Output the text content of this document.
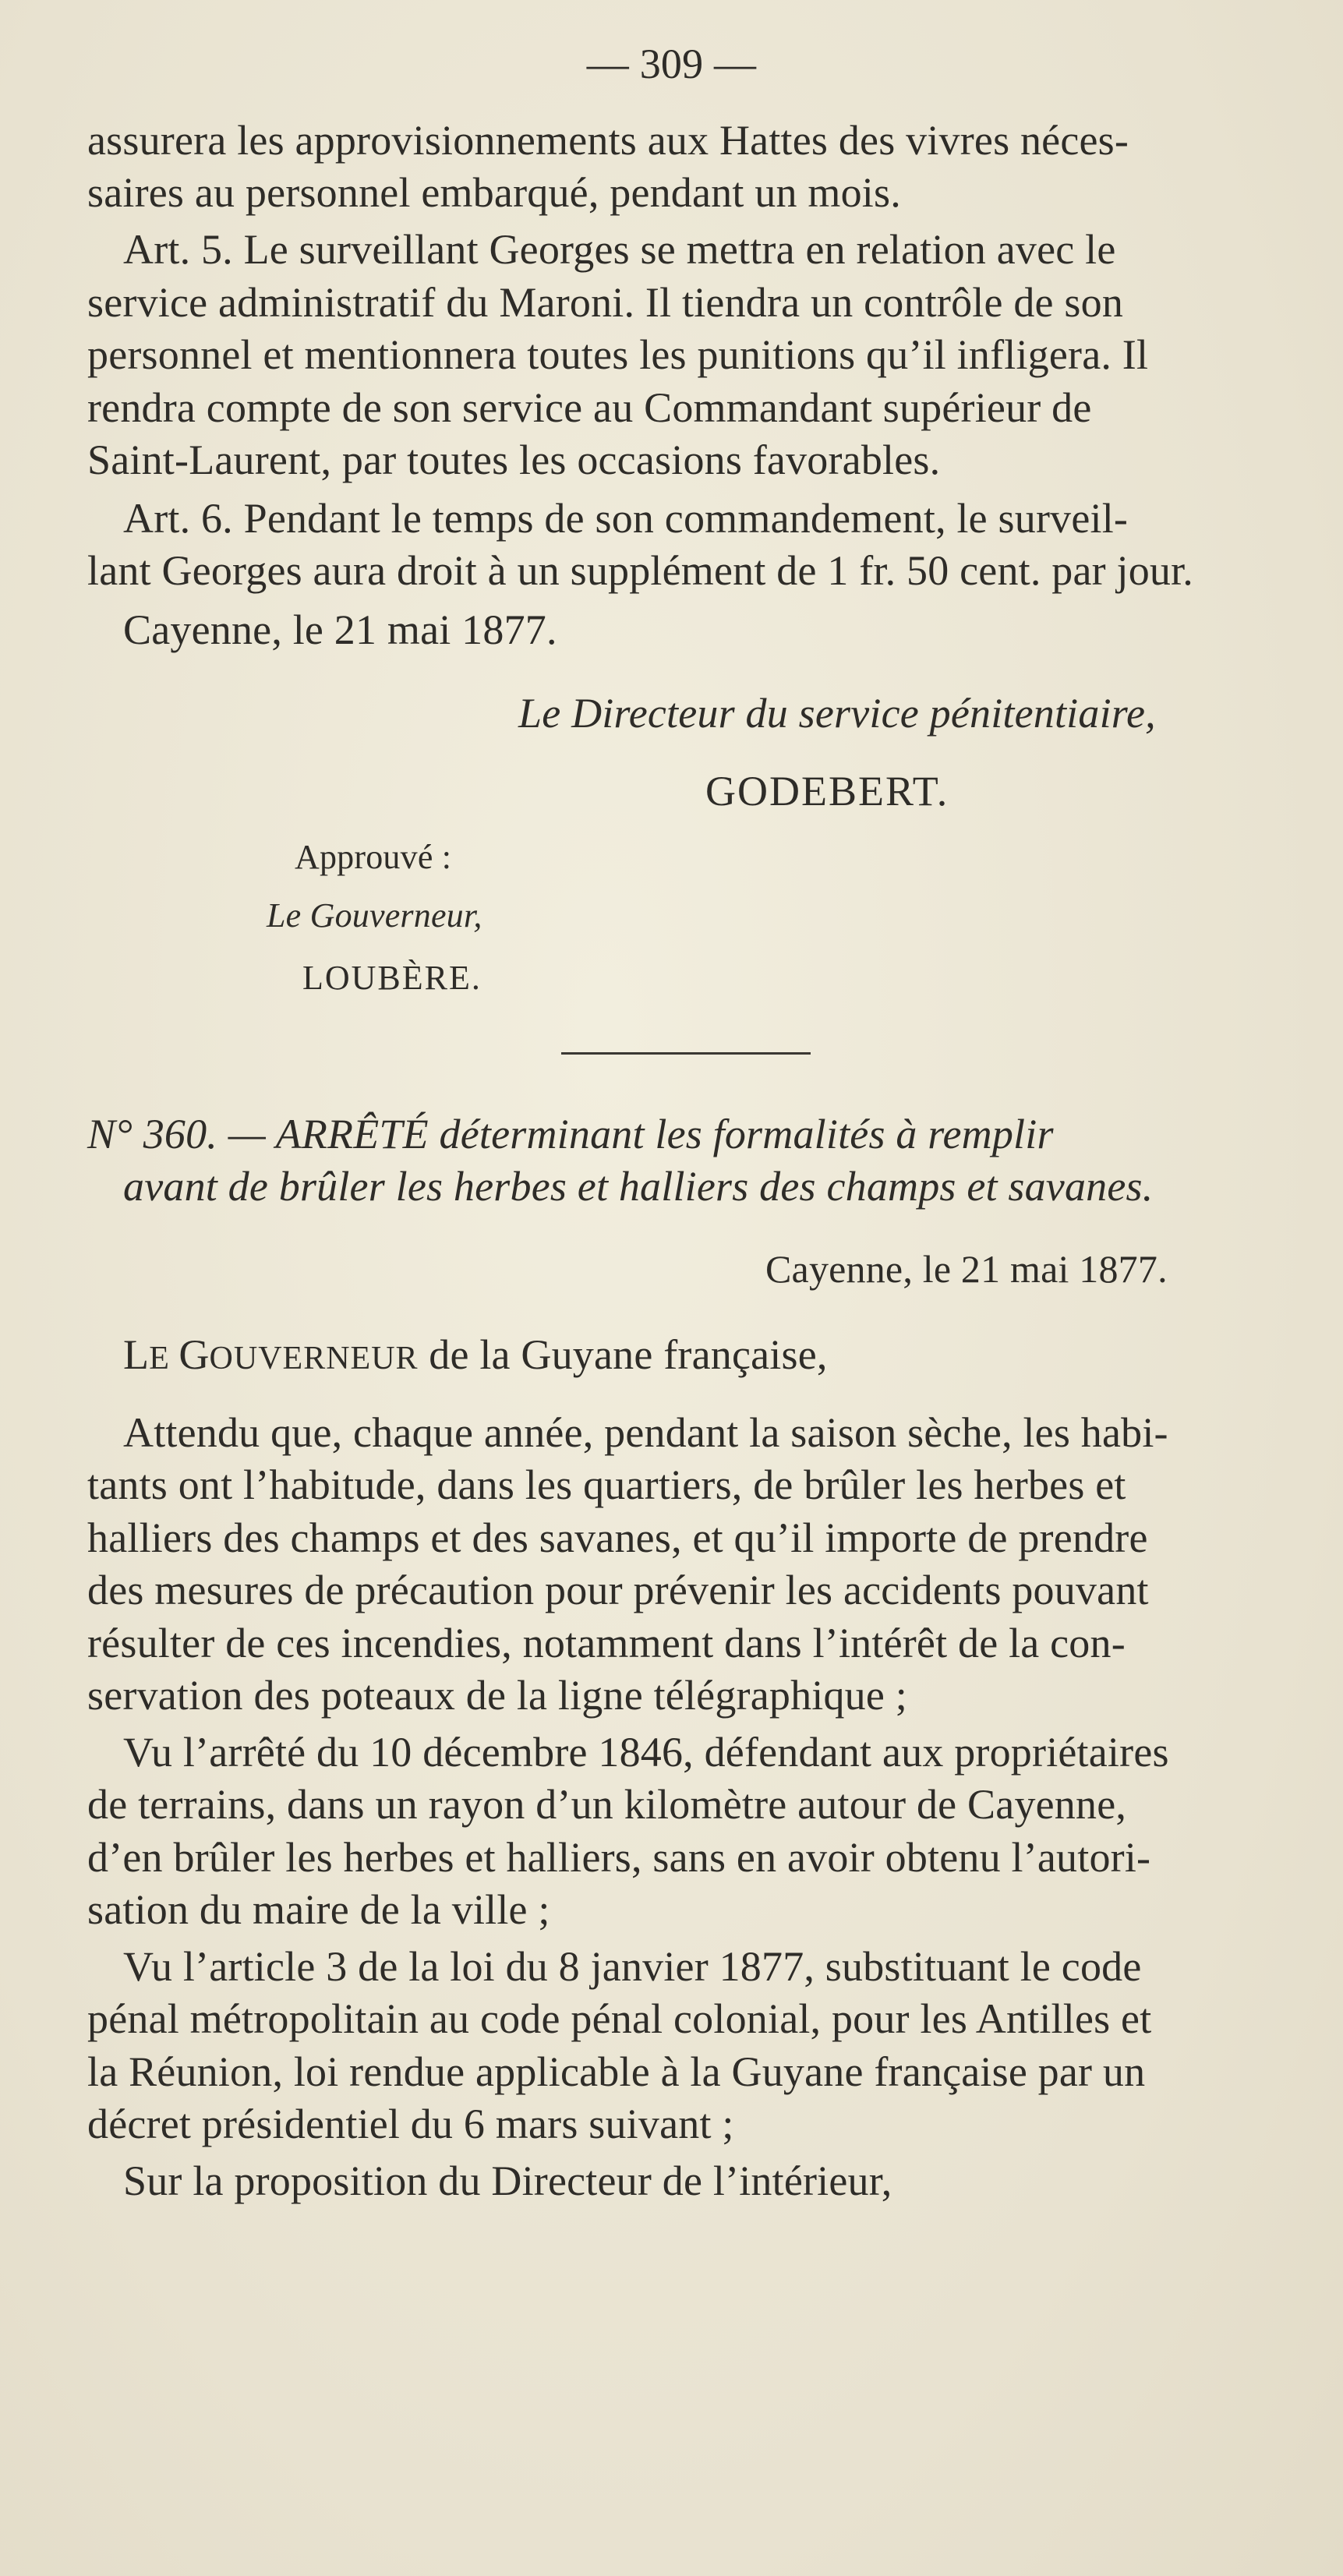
— 309 —
assurera les approvisionnements aux Hattes des vivres néces-
saires au personnel embarqué, pendant un mois.
Art. 5. Le surveillant Georges se mettra en relation avec le
service administratif du Maroni. Il tiendra un contrôle de son
personnel et mentionnera toutes les punitions qu’il infligera. Il
rendra compte de son service au Commandant supérieur de
Saint-Laurent, par toutes les occasions favorables.
Art. 6. Pendant le temps de son commandement, le surveil-
lant Georges aura droit à un supplément de 1 fr. 50 cent. par jour.
Cayenne, le 21 mai 1877.
Le Directeur du service pénitentiaire,
GODEBERT.
Approuvé :
Le Gouverneur,
LOUBÈRE.
N° 360. — ARRÊTÉ déterminant les formalités à remplir
avant de brûler les herbes et halliers des champs et savanes.
Cayenne, le 21 mai 1877.
LE GOUVERNEUR de la Guyane française,
Attendu que, chaque année, pendant la saison sèche, les habi-
tants ont l’habitude, dans les quartiers, de brûler les herbes et
halliers des champs et des savanes, et qu’il importe de prendre
des mesures de précaution pour prévenir les accidents pouvant
résulter de ces incendies, notamment dans l’intérêt de la con-
servation des poteaux de la ligne télégraphique ;
Vu l’arrêté du 10 décembre 1846, défendant aux propriétaires
de terrains, dans un rayon d’un kilomètre autour de Cayenne,
d’en brûler les herbes et halliers, sans en avoir obtenu l’autori-
sation du maire de la ville ;
Vu l’article 3 de la loi du 8 janvier 1877, substituant le code
pénal métropolitain au code pénal colonial, pour les Antilles et
la Réunion, loi rendue applicable à la Guyane française par un
décret présidentiel du 6 mars suivant ;
Sur la proposition du Directeur de l’intérieur,
